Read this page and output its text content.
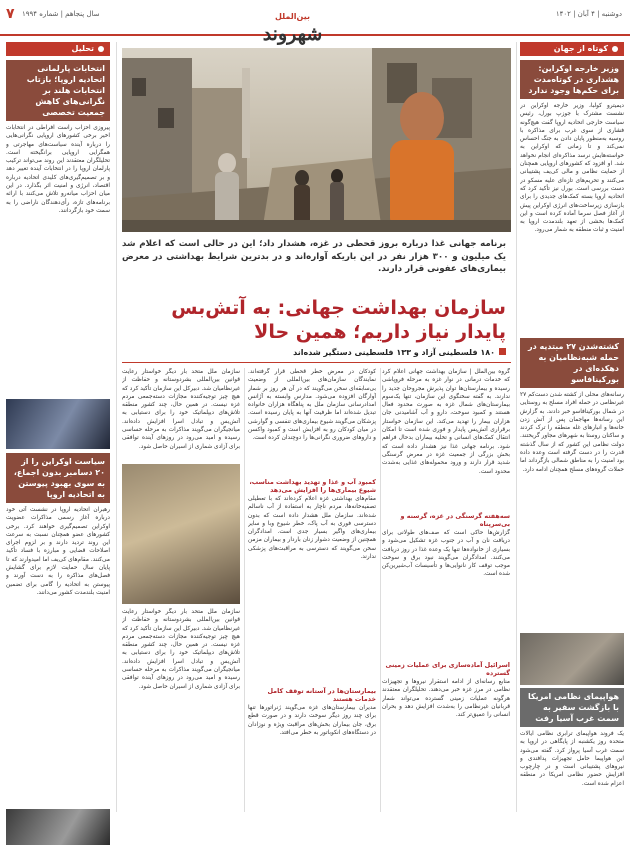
دوشنبه | ۴ آبان | ۱۴۰۲
بین‌الملل شهروند
سال پنجاهم | شماره ۱۹۹۴
۷
کوتاه از جهان
وزیر خارجه اوکراین: هشداری در کوتاه‌مدت برای حکم‌ها وجود ندارد
دیمیترو کولبا، وزیر خارجه اوکراین در نشست مشترک با جوزپ بورل، رئیس سیاست خارجی اتحادیه اروپا گفت هیچ‌گونه فشاری از سوی غرب برای مذاکره با روسیه به‌منظور پایان دادن به جنگ احساس نمی‌کند و تا زمانی که اوکراین به خواسته‌هایش نرسد مذاکره‌ای انجام نخواهد شد. او افزود که کشورهای اروپایی همچنان از حمایت نظامی و مالی کی‌یف پشتیبانی می‌کنند و تحریم‌های تازه‌ای علیه مسکو در دست بررسی است. بورل نیز تأکید کرد که اتحادیه اروپا بسته کمک‌های جدیدی را برای بازسازی زیرساخت‌های انرژی اوکراین پیش از آغاز فصل سرما آماده کرده است و این کمک‌ها بخشی از تعهد بلندمدت اروپا به امنیت و ثبات منطقه به شمار می‌رود.
کشته‌شدن ۲۷ مبتدیه در حمله شبه‌نظامیان به دهکده‌ای در بورکینافاسو
رسانه‌های محلی از کشته شدن دست‌کم ۲۷ غیرنظامی در حمله افراد مسلح به روستایی در شمال بورکینافاسو خبر دادند. به گزارش این رسانه‌ها مهاجمان پس از آتش زدن خانه‌ها و انبارهای غله منطقه را ترک کردند و ساکنان روستا به شهرهای مجاور گریختند. دولت نظامی این کشور که از سال گذشته قدرت را در دست گرفته است وعده داده بود امنیت را به مناطق شمالی بازگرداند اما حملات گروه‌های مسلح همچنان ادامه دارد.
هواپیمای نظامی امریکا با بازگشت سفیر به سمت غرب آسیا رفت
یک فروند هواپیمای ترابری نظامی ایالات متحده روز یکشنبه از پایگاهی در اروپا به سمت غرب آسیا پرواز کرد. گفته می‌شود این هواپیما حامل تجهیزات پدافندی و نیروهای پشتیبانی است و در چارچوب افزایش حضور نظامی امریکا در منطقه اعزام شده است.
برنامه جهانی غذا درباره بروز قحطی در غزه، هشدار داد؛ این در حالی است که اعلام شد یک میلیون و ۳۰۰ هزار نفر در این باریکه آواره‌اند و در بدترین شرایط بهداشتی در معرض بیماری‌های عفونی قرار دارند.
سازمان بهداشت جهانی: به آتش‌بس پایدار نیاز داریم؛ همین حالا
۱۸۰ فلسطینی آزاد و ۱۳۳ فلسطینی دستگیر شده‌اند
گروه بین‌الملل | سازمان بهداشت جهانی اعلام کرد که خدمات درمانی در نوار غزه به مرحله فروپاشی رسیده و بیمارستان‌ها توان پذیرش مجروحان جدید را ندارند. به گفته سخنگوی این سازمان، تنها یک‌سوم بیمارستان‌های شمال غزه به صورت محدود فعال هستند و کمبود سوخت، دارو و آب آشامیدنی جان هزاران بیمار را تهدید می‌کند. این سازمان خواستار برقراری آتش‌بس پایدار و فوری شده است تا امکان انتقال کمک‌های انسانی و تخلیه بیماران بدحال فراهم شود. برنامه جهانی غذا نیز هشدار داده است که بخش بزرگی از جمعیت غزه در معرض گرسنگی شدید قرار دارند و ورود محموله‌های غذایی به‌شدت محدود است.
سه‌هفته گرسنگی در غزه، گرسنه و بی‌سرپناه
گزارش‌ها حاکی است که صف‌های طولانی برای دریافت نان و آب در جنوب غزه تشکیل می‌شود و بسیاری از خانواده‌ها تنها یک وعده غذا در روز دریافت می‌کنند. امدادگران می‌گویند نبود برق و سوخت موجب توقف کار نانوایی‌ها و تأسیسات آب‌شیرین‌کن شده است.
اسرائیل آماده‌سازی برای عملیات زمینی گسترده
منابع رسانه‌ای از ادامه استقرار نیروها و تجهیزات نظامی در مرز غزه خبر می‌دهند. تحلیلگران معتقدند هرگونه عملیات زمینی گسترده می‌تواند شمار قربانیان غیرنظامی را به‌شدت افزایش دهد و بحران انسانی را عمیق‌تر کند.
کودکان در معرض خطر قحطی قرار گرفته‌اند. نمایندگان سازمان‌های بین‌المللی از وضعیت بی‌سابقه‌ای سخن می‌گویند که در آن هر روز بر شمار آوارگان افزوده می‌شود. مدارس وابسته به آژانس امدادرسانی سازمان ملل به پناهگاه هزاران خانواده تبدیل شده‌اند اما ظرفیت آنها به پایان رسیده است. پزشکان می‌گویند شیوع بیماری‌های تنفسی و گوارشی در میان کودکان رو به افزایش است و کمبود واکسن و داروهای ضروری نگرانی‌ها را دوچندان کرده است.
کمبود آب و غذا و تهدید بهداشت مناسب، شیوع بیماری‌ها را افزایش می‌دهد
مقام‌های بهداشتی غزه اعلام کرده‌اند که با تعطیلی تصفیه‌خانه‌ها، مردم ناچار به استفاده از آب ناسالم شده‌اند. سازمان ملل هشدار داده است که بدون دسترسی فوری به آب پاک، خطر شیوع وبا و سایر بیماری‌های واگیر بسیار جدی است. امدادگران همچنین از وضعیت دشوار زنان باردار و بیماران مزمن سخن می‌گویند که دسترسی به مراقبت‌های پزشکی ندارند.
بیمارستان‌ها در آستانه توقف کامل خدمات هستند
مدیران بیمارستان‌های غزه می‌گویند ژنراتورها تنها برای چند روز دیگر سوخت دارند و در صورت قطع برق، جان بیماران بخش‌های مراقبت ویژه و نوزادان در دستگاه‌های انکوباتور به خطر می‌افتد.
سازمان ملل متحد بار دیگر خواستار رعایت قوانین بین‌المللی بشردوستانه و حفاظت از غیرنظامیان شد. دبیرکل این سازمان تأکید کرد که هیچ چیز توجیه‌کننده مجازات دسته‌جمعی مردم غزه نیست. در همین حال، چند کشور منطقه تلاش‌های دیپلماتیک خود را برای دستیابی به آتش‌بس و تبادل اسرا افزایش داده‌اند. میانجیگران می‌گویند مذاکرات به مرحله حساسی رسیده و امید می‌رود در روزهای آینده توافقی برای آزادی شماری از اسیران حاصل شود.
سازمان ملل متحد بار دیگر خواستار رعایت قوانین بین‌المللی بشردوستانه و حفاظت از غیرنظامیان شد. دبیرکل این سازمان تأکید کرد که هیچ چیز توجیه‌کننده مجازات دسته‌جمعی مردم غزه نیست. در همین حال، چند کشور منطقه تلاش‌های دیپلماتیک خود را برای دستیابی به آتش‌بس و تبادل اسرا افزایش داده‌اند. میانجیگران می‌گویند مذاکرات به مرحله حساسی رسیده و امید می‌رود در روزهای آینده توافقی برای آزادی شماری از اسیران حاصل شود.
تحلیل
انتخابات پارلمانی اتحادیه اروپا؛ بازتاب انتخابات هلند بر نگرانی‌های کاهش جمعیت تخصصی
پیروزی احزاب راست افراطی در انتخابات اخیر برخی کشورهای اروپایی نگرانی‌هایی را درباره آینده سیاست‌های مهاجرتی و همگرایی اروپایی برانگیخته است. تحلیلگران معتقدند این روند می‌تواند ترکیب پارلمان اروپا را در انتخابات آینده تغییر دهد و بر تصمیم‌گیری‌های کلیدی اتحادیه درباره اقتصاد، انرژی و امنیت اثر بگذارد. در این میان احزاب میانه‌رو تلاش می‌کنند با ارائه برنامه‌های تازه، رأی‌دهندگان ناراضی را به سمت خود بازگردانند.
سیاست اوکراین را از ۲۰ دسامبر بدون اجماع، به سوی بهبود پیوستن به اتحادیه اروپا
رهبران اتحادیه اروپا در نشست آتی خود درباره آغاز رسمی مذاکرات عضویت اوکراین تصمیم‌گیری خواهند کرد. برخی کشورهای عضو همچنان نسبت به سرعت این روند تردید دارند و بر لزوم اجرای اصلاحات قضایی و مبارزه با فساد تأکید می‌کنند. مقام‌های کی‌یف اما امیدوارند که تا پایان سال حمایت لازم برای گشایش فصل‌های مذاکره را به دست آورند و پیوستن به اتحادیه را گامی برای تضمین امنیت بلندمدت کشور می‌دانند.
